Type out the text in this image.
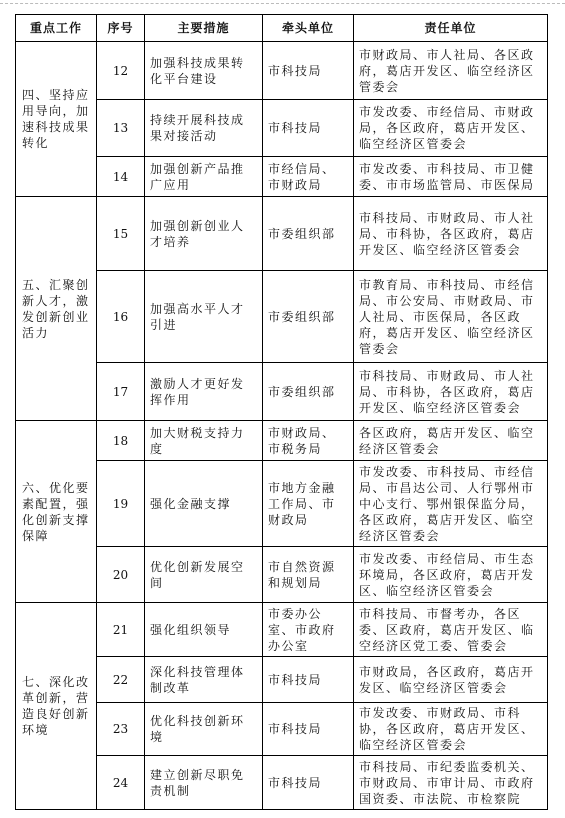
重点工作	序号	主要措施	牵头单位	责任单位
四、坚持应用导向，加速科技成果转化	12	加强科技成果转化平台建设	市科技局	市财政局、市人社局、各区政府，葛店开发区、临空经济区管委会
	13	持续开展科技成果对接活动	市科技局	市发改委、市经信局、市财政局，各区政府，葛店开发区、临空经济区管委会
	14	加强创新产品推广应用	市经信局、市财政局	市发改委、市科技局、市卫健委、市市场监管局、市医保局
五、汇聚创新人才，激发创新创业活力	15	加强创新创业人才培养	市委组织部	市科技局、市财政局、市人社局、市科协，各区政府，葛店开发区、临空经济区管委会
	16	加强高水平人才引进	市委组织部	市教育局、市科技局、市经信局、市公安局、市财政局、市人社局、市医保局，各区政府，葛店开发区、临空经济区管委会
	17	激励人才更好发挥作用	市委组织部	市科技局、市财政局、市人社局、市科协，各区政府，葛店开发区、临空经济区管委会
六、优化要素配置，强化创新支撑保障	18	加大财税支持力度	市财政局、市税务局	各区政府，葛店开发区、临空经济区管委会
	19	强化金融支撑	市地方金融工作局、市财政局	市发改委、市科技局、市经信局、市昌达公司、人行鄂州市中心支行、鄂州银保监分局，各区政府，葛店开发区、临空经济区管委会
	20	优化创新发展空间	市自然资源和规划局	市发改委、市经信局、市生态环境局，各区政府，葛店开发区、临空经济区管委会
七、深化改革创新，营造良好创新环境	21	强化组织领导	市委办公室、市政府办公室	市科技局、市督考办，各区委、区政府，葛店开发区、临空经济区党工委、管委会
	22	深化科技管理体制改革	市科技局	市财政局，各区政府，葛店开发区、临空经济区管委会
	23	优化科技创新环境	市科技局	市发改委、市财政局、市科协，各区政府，葛店开发区、临空经济区管委会
	24	建立创新尽职免责机制	市科技局	市科技局、市纪委监委机关、市财政局、市审计局、市政府国资委、市法院、市检察院
